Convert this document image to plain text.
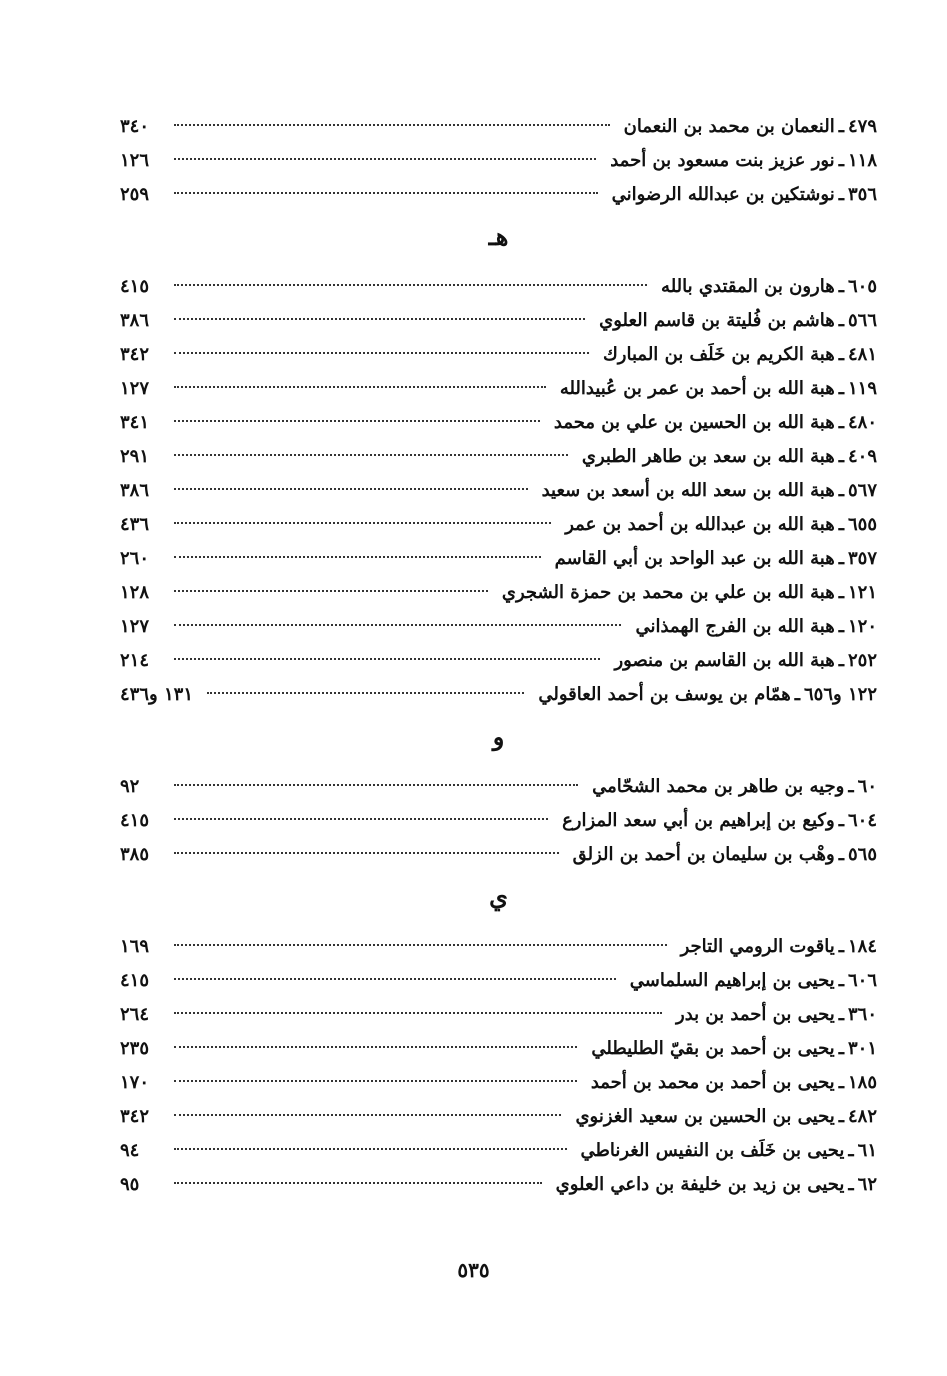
٤٧٩
ـ
النعمان بن محمد بن النعمان
٣٤٠
١١٨
ـ
نور عزيز بنت مسعود بن أحمد
١٢٦
٣٥٦
ـ
نوشتكين بن عبدالله الرضواني
٢٥٩
هـ
٦٠٥
ـ
هارون بن المقتدي بالله
٤١٥
٥٦٦
ـ
هاشم بن فُليتة بن قاسم العلوي
٣٨٦
٤٨١
ـ
هبة الكريم بن خَلَف بن المبارك
٣٤٢
١١٩
ـ
هبة الله بن أحمد بن عمر بن عُبيدالله
١٢٧
٤٨٠
ـ
هبة الله بن الحسين بن علي بن محمد
٣٤١
٤٠٩
ـ
هبة الله بن سعد بن طاهر الطبري
٢٩١
٥٦٧
ـ
هبة الله بن سعد الله بن أسعد بن سعيد
٣٨٦
٦٥٥
ـ
هبة الله بن عبدالله بن أحمد بن عمر
٤٣٦
٣٥٧
ـ
هبة الله بن عبد الواحد بن أبي القاسم
٢٦٠
١٢١
ـ
هبة الله بن علي بن محمد بن حمزة الشجري
١٢٨
١٢٠
ـ
هبة الله بن الفرج الهمذاني
١٢٧
٢٥٢
ـ
هبة الله بن القاسم بن منصور
٢١٤
١٢٢ و٦٥٦
ـ
همّام بن يوسف بن أحمد العاقولي
١٣١ و٤٣٦
و
٦٠
ـ
وجيه بن طاهر بن محمد الشحّامي
٩٢
٦٠٤
ـ
وكيع بن إبراهيم بن أبي سعد المزارع
٤١٥
٥٦٥
ـ
وهْب بن سليمان بن أحمد بن الزلق
٣٨٥
ي
١٨٤
ـ
ياقوت الرومي التاجر
١٦٩
٦٠٦
ـ
يحيى بن إبراهيم السلماسي
٤١٥
٣٦٠
ـ
يحيى بن أحمد بن بدر
٢٦٤
٣٠١
ـ
يحيى بن أحمد بن بقيّ الطليطلي
٢٣٥
١٨٥
ـ
يحيى بن أحمد بن محمد بن أحمد
١٧٠
٤٨٢
ـ
يحيى بن الحسين بن سعيد الغزنوي
٣٤٢
٦١
ـ
يحيى بن خَلَف بن النفيس الغرناطي
٩٤
٦٢
ـ
يحيى بن زيد بن خليفة بن داعي العلوي
٩٥
٥٣٥
